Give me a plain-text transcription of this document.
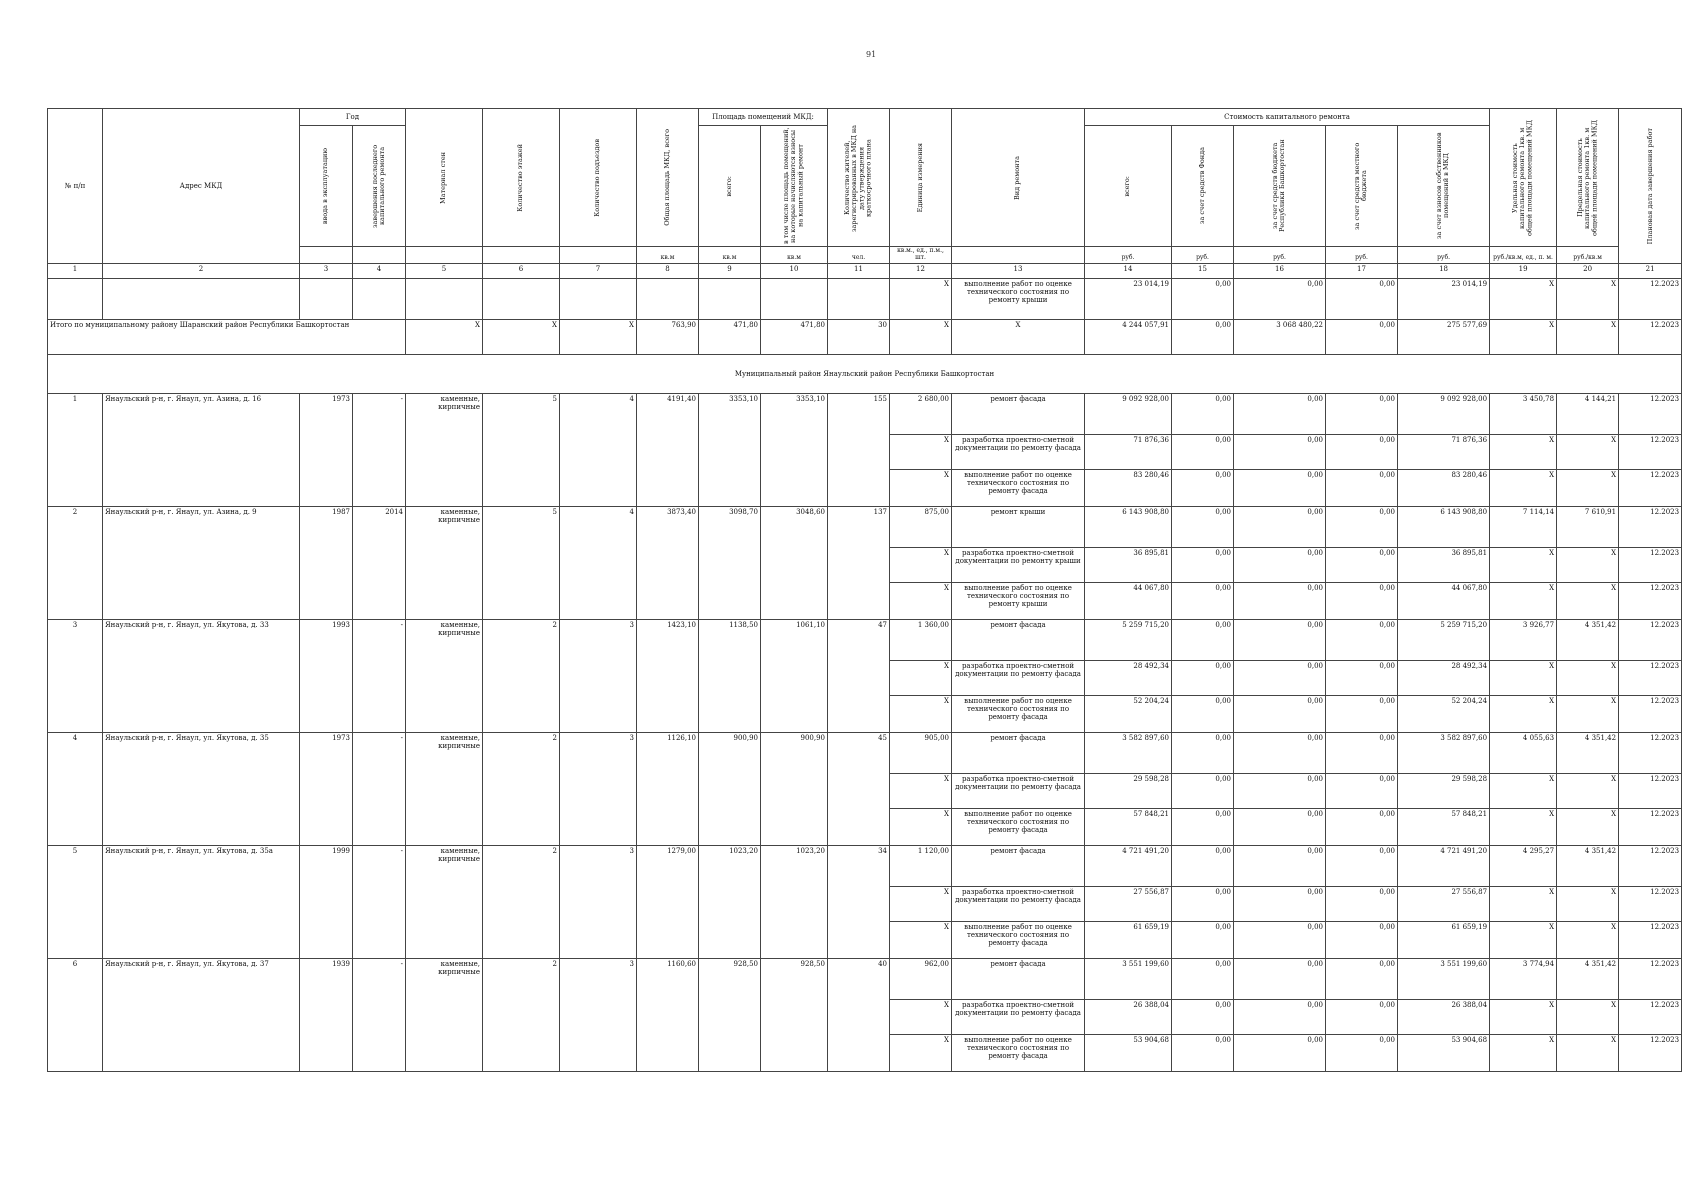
91
№ п/п	Адрес МКД	Год		Материал стен	Количество этажей	Количество подъездов	Общая площадь МКД, всего	Площадь помещений МКД:		Количество жителей, зарегистрированных в МКД на дату утверждения краткосрочного плана	Единица измерения	Вид ремонта	Стоимость капитального ремонта					Удельная стоимость капитального ремонта 1кв. м общей площади помещений МКД	Предельная стоимость капитального ремонта 1кв. м общей площади помещений МКД	Плановая дата завершения работ

		ввода в эксплуатацию	завершения последнего капитального ремонта					всего:	в том числе площадь помещений, на которые начисляются взносы на капитальный ремонт				всего:	за счет средств Фонда	за счет средств бюджета Республики Башкортостан	за счет средств местного бюджета	за счет взносов собственников помещений в МКД			

							кв.м	кв.м	кв.м	чел.	кв.м., ед., п.м., шт.		руб.	руб.	руб.	руб.	руб.	руб./кв.м, ед., п. м.	руб./кв.м	
1	2	3	4	5	6	7	8	9	10	11	12	13	14	15	16	17	18	19	20	21
											X	выполнение работ по оценке технического состояния по ремонту крыши	23 014,19	0,00	0,00	0,00	23 014,19	X	X	12.2023
Итого по муниципальному району Шаранский район Республики Башкортостан				X	X	X	763,90	471,80	471,80	30	X	X	4 244 057,91	0,00	3 068 480,22	0,00	275 577,69	X	X	12.2023
Муниципальный район Янаульский район Республики Башкортостан																				
1	Янаульский р-н, г. Янаул, ул. Азина, д. 16	1973	-	каменные, кирпичные	5	4	4191,40	3353,10	3353,10	155	2 680,00	ремонт фасада	9 092 928,00	0,00	0,00	0,00	9 092 928,00	3 450,78	4 144,21	12.2023
											X	разработка проектно-сметной документации по ремонту фасада	71 876,36	0,00	0,00	0,00	71 876,36	X	X	12.2023
											X	выполнение работ по оценке технического состояния по ремонту фасада	83 280,46	0,00	0,00	0,00	83 280,46	X	X	12.2023
2	Янаульский р-н, г. Янаул, ул. Азина, д. 9	1987	2014	каменные, кирпичные	5	4	3873,40	3098,70	3048,60	137	875,00	ремонт крыши	6 143 908,80	0,00	0,00	0,00	6 143 908,80	7 114,14	7 610,91	12.2023
											X	разработка проектно-сметной документации по ремонту крыши	36 895,81	0,00	0,00	0,00	36 895,81	X	X	12.2023
											X	выполнение работ по оценке технического состояния по ремонту крыши	44 067,80	0,00	0,00	0,00	44 067,80	X	X	12.2023
3	Янаульский р-н, г. Янаул, ул. Якутова, д. 33	1993	-	каменные, кирпичные	2	3	1423,10	1138,50	1061,10	47	1 360,00	ремонт фасада	5 259 715,20	0,00	0,00	0,00	5 259 715,20	3 926,77	4 351,42	12.2023
											X	разработка проектно-сметной документации по ремонту фасада	28 492,34	0,00	0,00	0,00	28 492,34	X	X	12.2023
											X	выполнение работ по оценке технического состояния по ремонту фасада	52 204,24	0,00	0,00	0,00	52 204,24	X	X	12.2023
4	Янаульский р-н, г. Янаул, ул. Якутова, д. 35	1973	-	каменные, кирпичные	2	3	1126,10	900,90	900,90	45	905,00	ремонт фасада	3 582 897,60	0,00	0,00	0,00	3 582 897,60	4 055,63	4 351,42	12.2023
											X	разработка проектно-сметной документации по ремонту фасада	29 598,28	0,00	0,00	0,00	29 598,28	X	X	12.2023
											X	выполнение работ по оценке технического состояния по ремонту фасада	57 848,21	0,00	0,00	0,00	57 848,21	X	X	12.2023
5	Янаульский р-н, г. Янаул, ул. Якутова, д. 35а	1999	-	каменные, кирпичные	2	3	1279,00	1023,20	1023,20	34	1 120,00	ремонт фасада	4 721 491,20	0,00	0,00	0,00	4 721 491,20	4 295,27	4 351,42	12.2023
											X	разработка проектно-сметной документации по ремонту фасада	27 556,87	0,00	0,00	0,00	27 556,87	X	X	12.2023
											X	выполнение работ по оценке технического состояния по ремонту фасада	61 659,19	0,00	0,00	0,00	61 659,19	X	X	12.2023
6	Янаульский р-н, г. Янаул, ул. Якутова, д. 37	1939	-	каменные, кирпичные	2	3	1160,60	928,50	928,50	40	962,00	ремонт фасада	3 551 199,60	0,00	0,00	0,00	3 551 199,60	3 774,94	4 351,42	12.2023
											X	разработка проектно-сметной документации по ремонту фасада	26 388,04	0,00	0,00	0,00	26 388,04	X	X	12.2023
											X	выполнение работ по оценке технического состояния по ремонту фасада	53 904,68	0,00	0,00	0,00	53 904,68	X	X	12.2023
